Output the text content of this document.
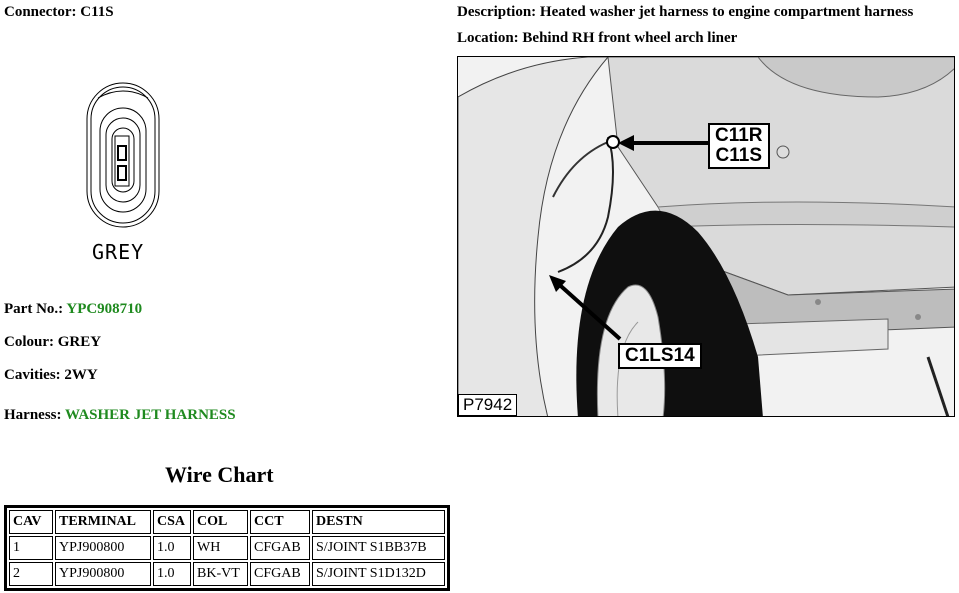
Connector: C11S	Description: Heated washer jet harness to engine compartment harness
Location: Behind RH front wheel arch liner
GREY
Part No.: YPC908710
Colour: GREY
Cavities: 2WY
Harness: WASHER JET HARNESS
C11R
C11S
C1LS14
P7942
Wire Chart
CAV	TERMINAL	CSA	COL	CCT	DESTN
1	YPJ900800	1.0	WH	CFGAB	S/JOINT S1BB37B
2	YPJ900800	1.0	BK-VT	CFGAB	S/JOINT S1D132D
